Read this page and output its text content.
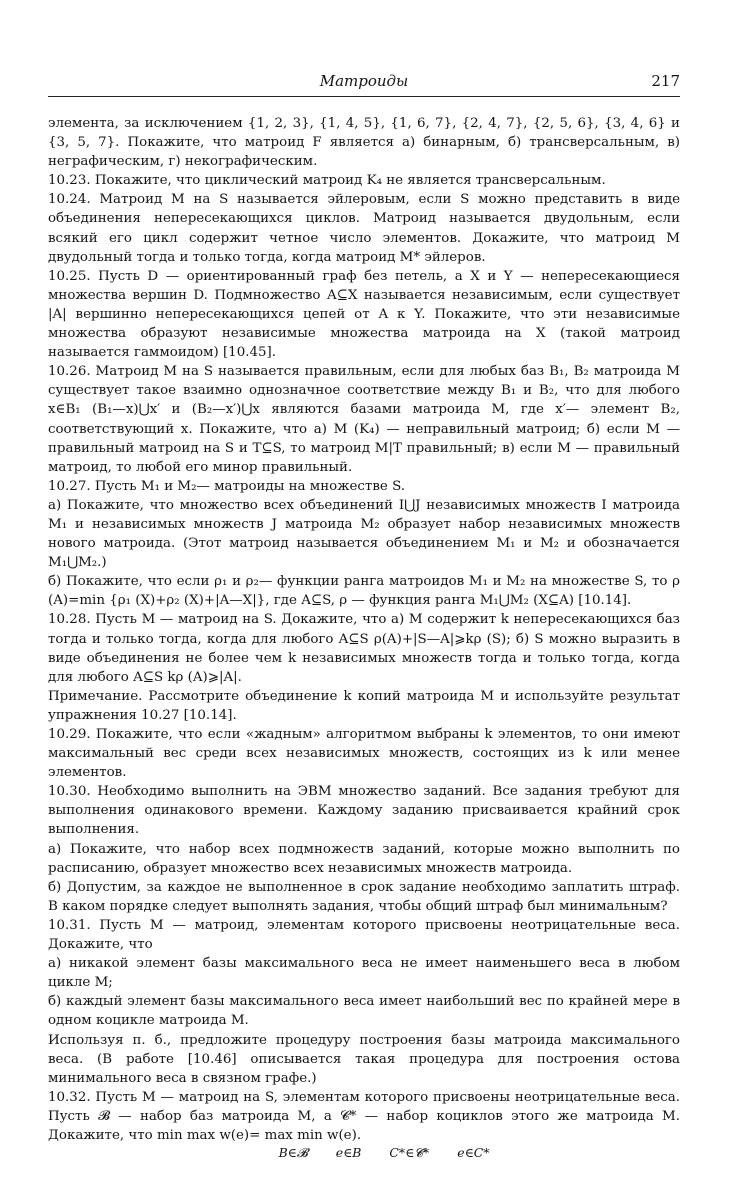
Матроиды	217

элемента, за исключением {1, 2, 3}, {1, 4, 5}, {1, 6, 7}, {2, 4, 7}, {2, 5, 6}, {3, 4, 6} и {3, 5, 7}. Покажите, что матроид F является а) бинарным, б) трансверсальным, в) неграфическим, г) некографическим.

10.23. Покажите, что циклический матроид K₄ не является трансверсальным.

10.24. Матроид M на S называется эйлеровым, если S можно представить в виде объединения непересекающихся циклов. Матроид называется двудольным, если всякий его цикл содержит четное число элементов. Докажите, что матроид M двудольный тогда и только тогда, когда матроид M* эйлеров.

10.25. Пусть D — ориентированный граф без петель, а X и Y — непересекающиеся множества вершин D. Подмножество A⊆X называется независимым, если существует |A| вершинно непересекающихся цепей от A к Y. Покажите, что эти независимые множества образуют независимые множества матроида на X (такой матроид называется гаммоидом) [10.45].

10.26. Матроид M на S называется правильным, если для любых баз B₁, B₂ матроида M существует такое взаимно однозначное соответствие между B₁ и B₂, что для любого x∈B₁ (B₁—x)⋃x′ и (B₂—x′)⋃x являются базами матроида M, где x′— элемент B₂, соответствующий x. Покажите, что а) M (K₄) — неправильный матроид; б) если M — правильный матроид на S и T⊆S, то матроид M|T правильный; в) если M — правильный матроид, то любой его минор правильный.

10.27. Пусть M₁ и M₂— матроиды на множестве S.

а) Покажите, что множество всех объединений I⋃J независимых множеств I матроида M₁ и независимых множеств J матроида M₂ образует набор независимых множеств нового матроида. (Этот матроид называется объединением M₁ и M₂ и обозначается M₁⋃M₂.)

б) Покажите, что если ρ₁ и ρ₂— функции ранга матроидов M₁ и M₂ на множестве S, то ρ (A)=min {ρ₁ (X)+ρ₂ (X)+|A—X|}, где A⊆S, ρ — функция ранга M₁⋃M₂ (X⊆A) [10.14].

10.28. Пусть M — матроид на S. Докажите, что а) M содержит k непересекающихся баз тогда и только тогда, когда для любого A⊆S ρ(A)+|S—A|⩾kρ (S); б) S можно выразить в виде объединения не более чем k независимых множеств тогда и только тогда, когда для любого A⊆S kρ (A)⩾|A|.

Примечание. Рассмотрите объединение k копий матроида M и используйте результат упражнения 10.27 [10.14].

10.29. Покажите, что если «жадным» алгоритмом выбраны k элементов, то они имеют максимальный вес среди всех независимых множеств, состоящих из k или менее элементов.

10.30. Необходимо выполнить на ЭВМ множество заданий. Все задания требуют для выполнения одинакового времени. Каждому заданию присваивается крайний срок выполнения.

а) Покажите, что набор всех подмножеств заданий, которые можно выполнить по расписанию, образует множество всех независимых множеств матроида.

б) Допустим, за каждое не выполненное в срок задание необходимо заплатить штраф. В каком порядке следует выполнять задания, чтобы общий штраф был минимальным?

10.31. Пусть M — матроид, элементам которого присвоены неотрицательные веса. Докажите, что

а) никакой элемент базы максимального веса не имеет наименьшего веса в любом цикле M;

б) каждый элемент базы максимального веса имеет наибольший вес по крайней мере в одном коцикле матроида M.

Используя п. б., предложите процедуру построения базы матроида максимального веса. (В работе [10.46] описывается такая процедура для построения остова минимального веса в связном графе.)

10.32. Пусть M — матроид на S, элементам которого присвоены неотрицательные веса. Пусть 𝓑 — набор баз матроида M, а 𝓒* — набор коциклов этого же матроида M. Докажите, что min max w(e)= max min w(e).

B∈𝓑 e∈B C*∈𝓒* e∈C*
